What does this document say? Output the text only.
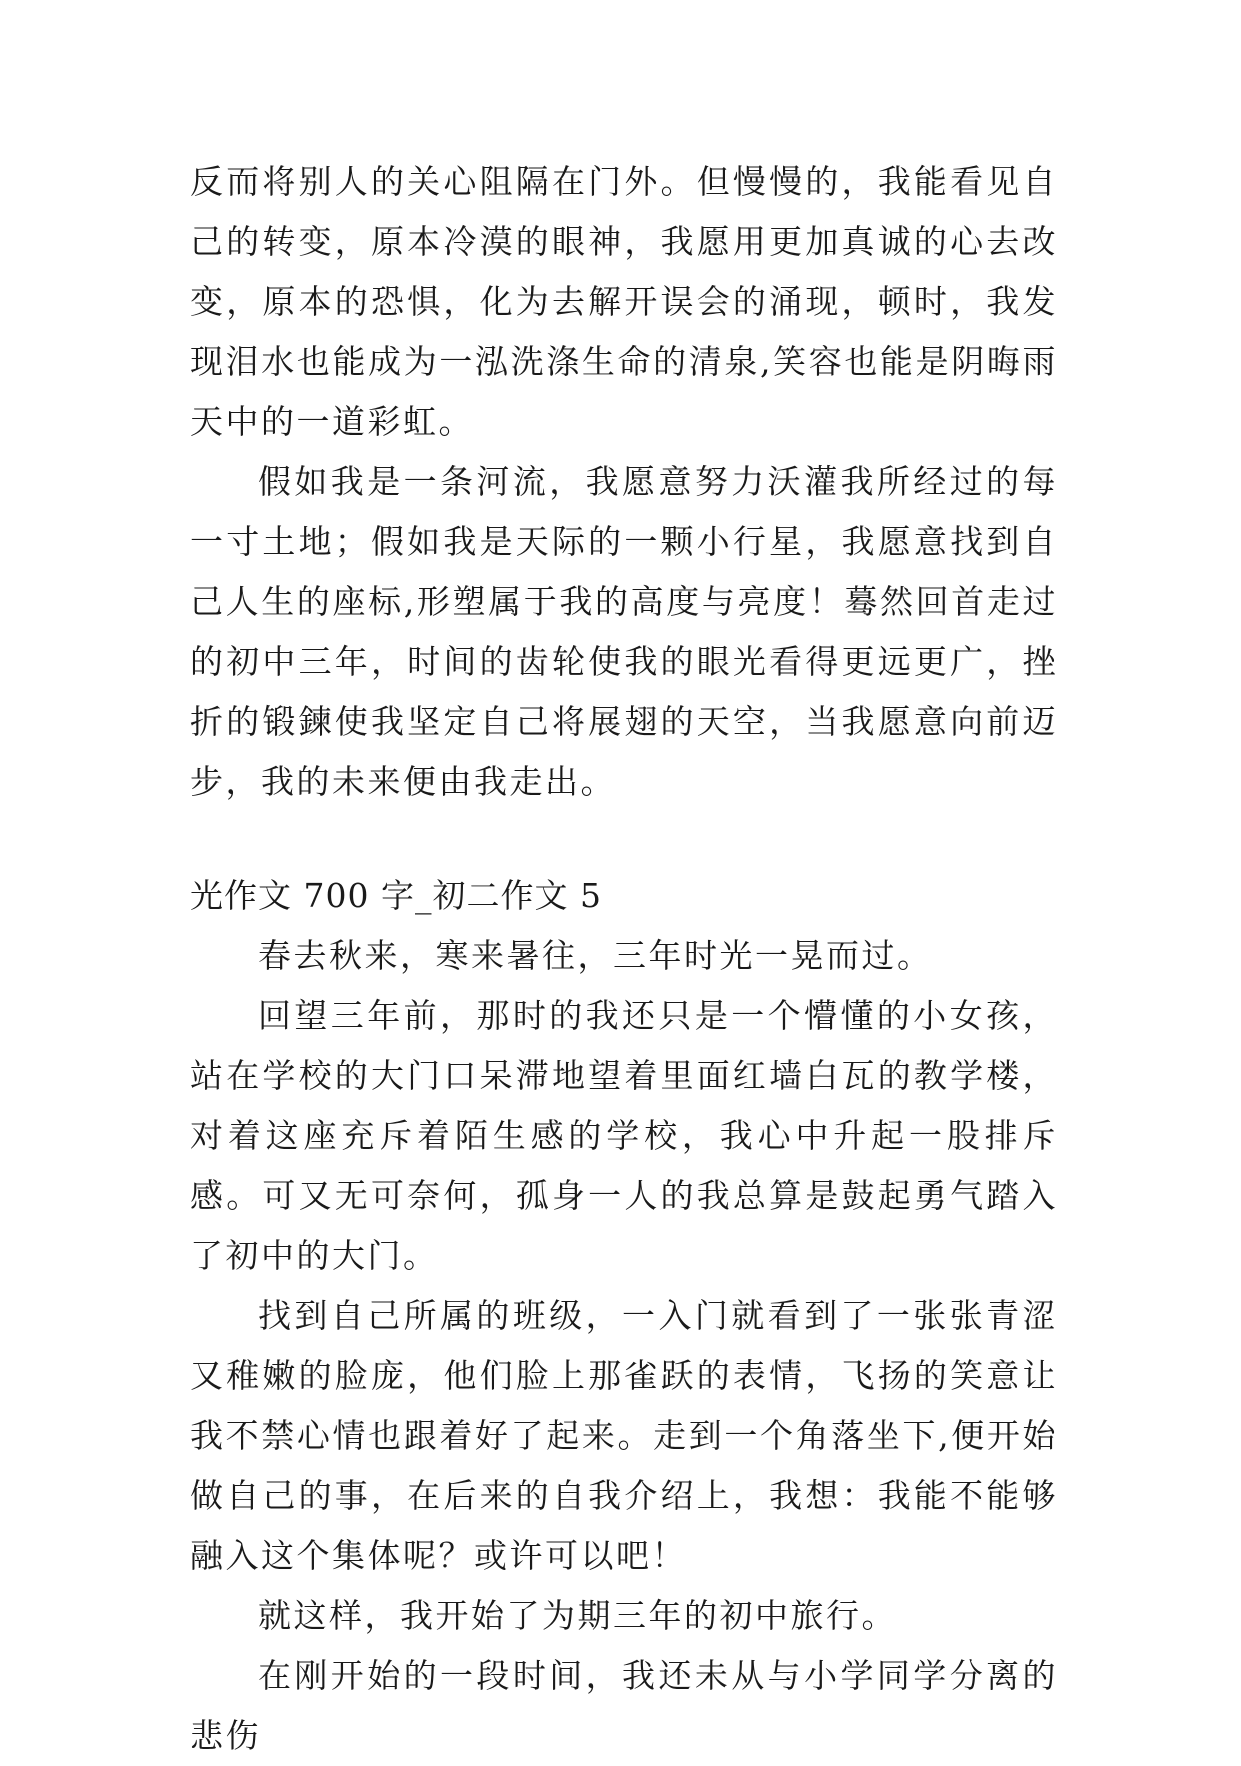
反而将别人的关心阻隔在门外。但慢慢的，我能看见自己的转变，原本冷漠的眼神，我愿用更加真诚的心去改变，原本的恐惧，化为去解开误会的涌现，顿时，我发现泪水也能成为一泓洗涤生命的清泉,笑容也能是阴晦雨天中的一道彩虹。

假如我是一条河流，我愿意努力沃灌我所经过的每一寸土地；假如我是天际的一颗小行星，我愿意找到自己人生的座标,形塑属于我的高度与亮度！蓦然回首走过的初中三年，时间的齿轮使我的眼光看得更远更广，挫折的锻鍊使我坚定自己将展翅的天空，当我愿意向前迈步，我的未来便由我走出。

光作文 700 字_初二作文 5

春去秋来，寒来暑往，三年时光一晃而过。

回望三年前，那时的我还只是一个懵懂的小女孩，站在学校的大门口呆滞地望着里面红墙白瓦的教学楼，对着这座充斥着陌生感的学校，我心中升起一股排斥感。可又无可奈何，孤身一人的我总算是鼓起勇气踏入了初中的大门。

找到自己所属的班级，一入门就看到了一张张青涩又稚嫩的脸庞，他们脸上那雀跃的表情，飞扬的笑意让我不禁心情也跟着好了起来。走到一个角落坐下,便开始做自己的事，在后来的自我介绍上，我想：我能不能够融入这个集体呢？或许可以吧！

就这样，我开始了为期三年的初中旅行。

在刚开始的一段时间，我还未从与小学同学分离的悲伤
